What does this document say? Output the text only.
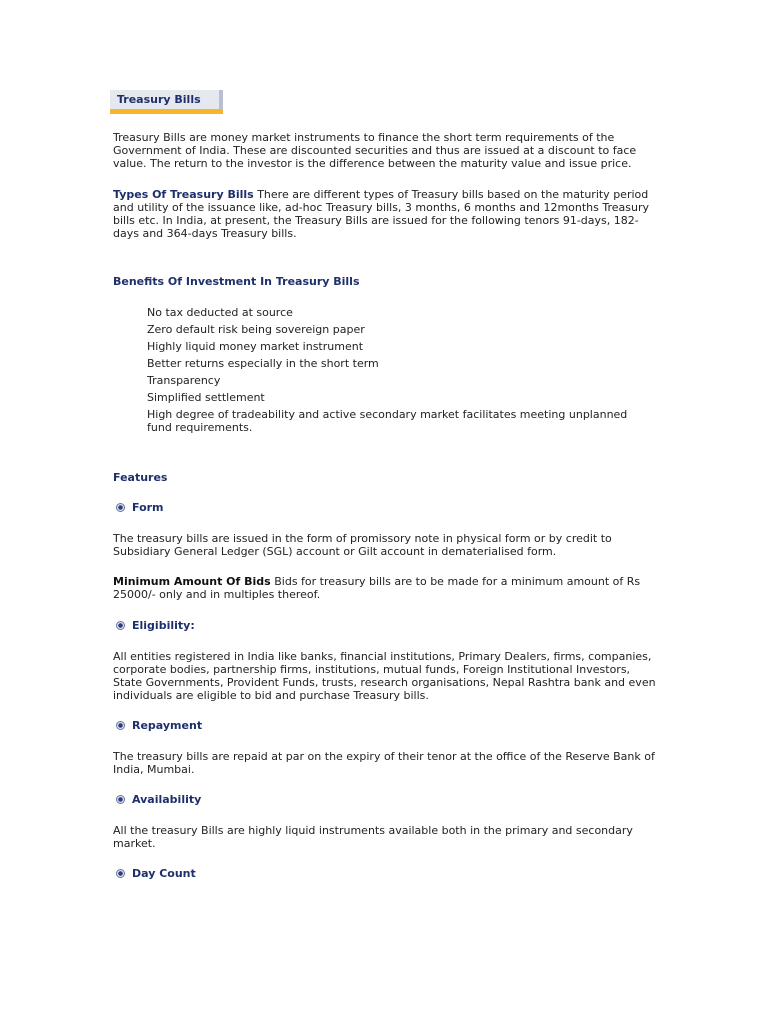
Treasury Bills

Treasury Bills are money market instruments to finance the short term requirements of the Government of India. These are discounted securities and thus are issued at a discount to face value. The return to the investor is the difference between the maturity value and issue price.

Types Of Treasury Bills There are different types of Treasury bills based on the maturity period and utility of the issuance like, ad-hoc Treasury bills, 3 months, 6 months and 12months Treasury bills etc. In India, at present, the Treasury Bills are issued for the following tenors 91-days, 182-days and 364-days Treasury bills.

Benefits Of Investment In Treasury Bills
No tax deducted at source
Zero default risk being sovereign paper
Highly liquid money market instrument
Better returns especially in the short term
Transparency
Simplified settlement
High degree of tradeability and active secondary market facilitates meeting unplanned fund requirements.
Features
Form

The treasury bills are issued in the form of promissory note in physical form or by credit to Subsidiary General Ledger (SGL) account or Gilt account in dematerialised form.

Minimum Amount Of Bids Bids for treasury bills are to be made for a minimum amount of Rs 25000/- only and in multiples thereof.

Eligibility:

All entities registered in India like banks, financial institutions, Primary Dealers, firms, companies, corporate bodies, partnership firms, institutions, mutual funds, Foreign Institutional Investors, State Governments, Provident Funds, trusts, research organisations, Nepal Rashtra bank and even individuals are eligible to bid and purchase Treasury bills.

Repayment

The treasury bills are repaid at par on the expiry of their tenor at the office of the Reserve Bank of India, Mumbai.

Availability

All the treasury Bills are highly liquid instruments available both in the primary and secondary market.

Day Count
